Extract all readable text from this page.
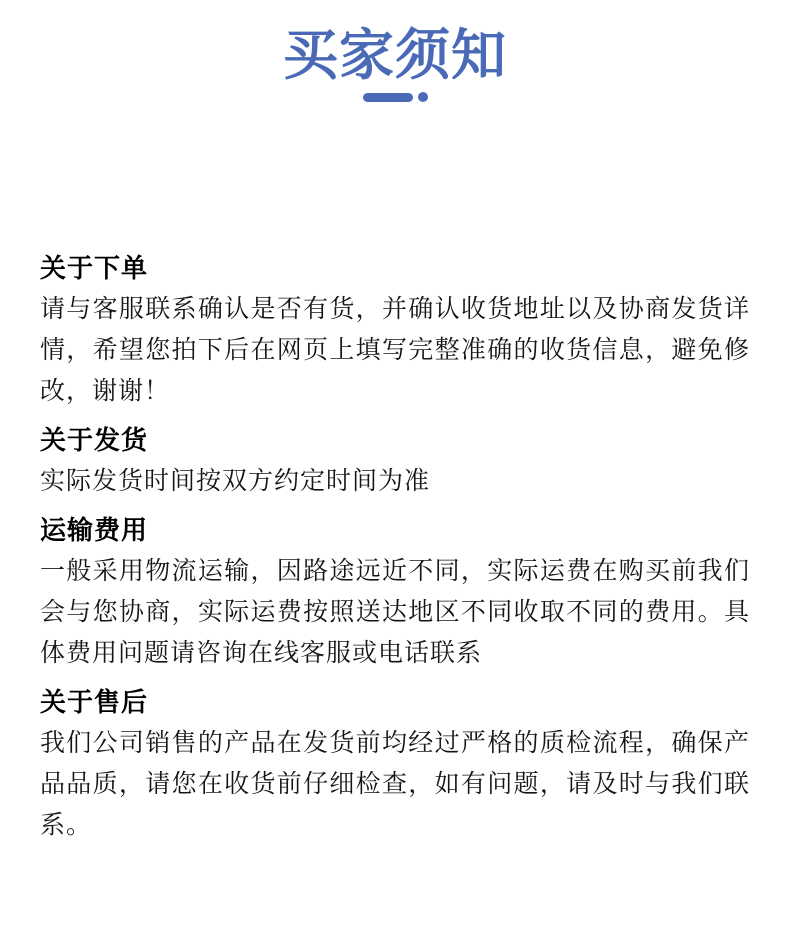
买家须知
关于下单

请与客服联系确认是否有货，并确认收货地址以及协商发货详情，希望您拍下后在网页上填写完整准确的收货信息，避免修改，谢谢！

关于发货

实际发货时间按双方约定时间为准

运输费用

一般采用物流运输，因路途远近不同，实际运费在购买前我们会与您协商，实际运费按照送达地区不同收取不同的费用。具体费用问题请咨询在线客服或电话联系

关于售后

我们公司销售的产品在发货前均经过严格的质检流程，确保产品品质，请您在收货前仔细检查，如有问题，请及时与我们联系。
